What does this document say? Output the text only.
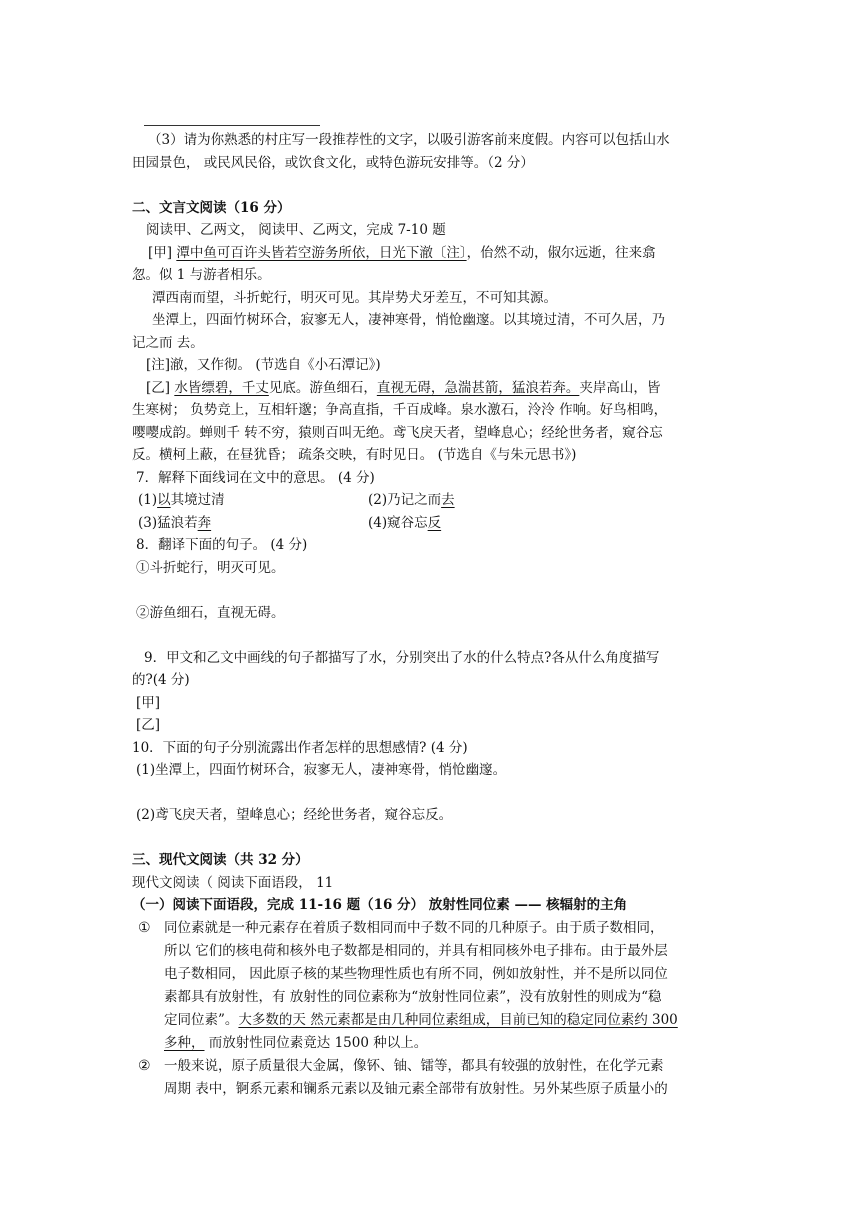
（3）请为你熟悉的村庄写一段推荐性的文字，以吸引游客前来度假。内容可以包括山水
田园景色， 或民风民俗，或饮食文化，或特色游玩安排等。（2 分）
二、文言文阅读（16 分）
阅读甲、乙两文， 阅读甲、乙两文，完成 7-10 题
[甲] 潭中鱼可百许头皆若空游务所依，日光下澈〔注〕，佁然不动，俶尔远逝，往来翕
忽。似 1 与游者相乐。
潭西南而望，斗折蛇行，明灭可见。其岸势犬牙差互，不可知其源。
坐潭上，四面竹树环合，寂寥无人，凄神寒骨，悄怆幽邃。以其境过清，不可久居，乃
记之而 去。
[注]澈，又作彻。 (节选自《小石潭记》)
[乙] 水皆缥碧，千丈见底。游鱼细石，直视无碍，急湍甚箭，猛浪若奔。夹岸高山，皆
生寒树； 负势竞上，互相轩邈；争高直指，千百成峰。泉水激石，泠泠 作响。好鸟相鸣，
嘤嘤成韵。蝉则千 转不穷，猿则百叫无绝。鸢飞戾天者，望峰息心；经纶世务者，窥谷忘
反。横柯上蔽，在昼犹昏； 疏条交映，有时见日。 (节选自《与朱元思书》)
7．解释下面线词在文中的意思。 (4 分)
(1)以其境过清	(2)乃记之而去
(3)猛浪若奔	(4)窥谷忘反
8．翻译下面的句子。 (4 分)
①斗折蛇行，明灭可见。
②游鱼细石，直视无碍。
9．甲文和乙文中画线的句子都描写了水，分别突出了水的什么特点?各从什么角度描写
的?(4 分)
[甲]
[乙]
10．下面的句子分别流露出作者怎样的思想感情? (4 分)
(1)坐潭上，四面竹树环合，寂寥无人，凄神寒骨，悄怆幽邃。
(2)鸢飞戾天者，望峰息心；经纶世务者，窥谷忘反。
三、现代文阅读（共 32 分）
现代文阅读（ 阅读下面语段， 11
（一）阅读下面语段，完成 11-16 题（16 分） 放射性同位素 —— 核辐射的主角
① 同位素就是一种元素存在着质子数相同而中子数不同的几种原子。由于质子数相同，
所以 它们的核电荷和核外电子数都是相同的，并具有相同核外电子排布。由于最外层
电子数相同， 因此原子核的某些物理性质也有所不同，例如放射性，并不是所以同位
素都具有放射性，有 放射性的同位素称为“放射性同位素”，没有放射性的则成为“稳
定同位素”。大多数的天 然元素都是由几种同位素组成，目前已知的稳定同位素约 300
多种， 而放射性同位素竟达 1500 种以上。
② 一般来说，原子质量很大金属，像钚、铀、镭等，都具有较强的放射性，在化学元素
周期 表中，锕系元素和镧系元素以及铀元素全部带有放射性。另外某些原子质量小的
